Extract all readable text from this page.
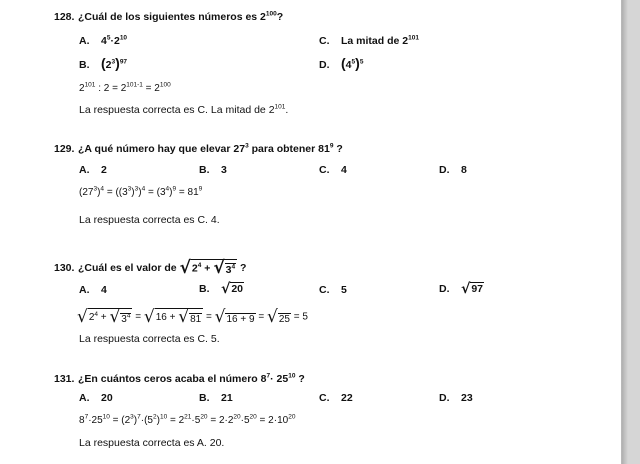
128. ¿Cuál de los siguientes números es $2^{100}$?
A. $4^5\cdot 2^{10}$	C. La mitad de $2^{101}$
B. $(2^3)^{97}$	D. $(4^5)^5$
$2^{101}$ : $2 = 2^{101-1} = 2^{100}$
La respuesta correcta es C. La mitad de $2^{101}$.
129. ¿A qué número hay que elevar $27^3$ para obtener $81^9$ ?
A. 2	B. 3	C. 4	D. 8
$(27^3)^4 = ((3^3)^3)^4 = (3^4)^9 = 81^9$
La respuesta correcta es C. 4.
130. ¿Cuál es el valor de √ $2^4$ + √ $3^4$ ?
A. 4	B. √ 20	C. 5	D. √ 97
√ $2^4$ + √ $3^4$ = √ 16 + √ 81 = √ 16 + 9 = √ 25 = 5
La respuesta correcta es C. 5.
131. ¿En cuántos ceros acaba el número $8^7\cdot 25^{10}$ ?
A. 20	B. 21	C. 22	D. 23
$8^7\cdot 25^{10} = (2^3)^7\cdot(5^2)^{10} = 2^{21}\cdot 5^{20} = 2\cdot 2^{20}\cdot 5^{20} = 2\cdot 10^{20}$
La respuesta correcta es A. 20.
